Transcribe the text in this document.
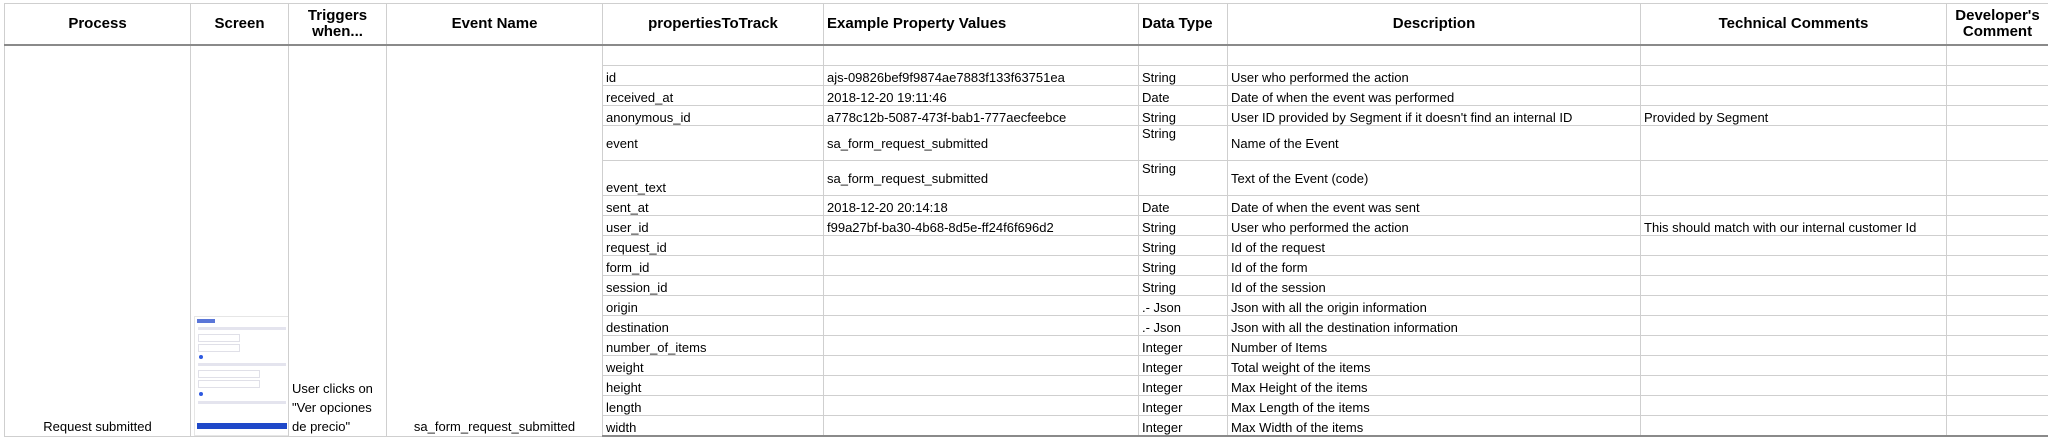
Process	Screen	Triggers when...	Event Name	propertiesToTrack	Example Property Values	Data Type	Description	Technical Comments	Developer's Comment
Request submitted		User clicks on "Ver opciones de precio"	sa_form_request_submitted						
				id	ajs-09826bef9f9874ae7883f133f63751ea	String	User who performed the action		
				received_at	2018-12-20 19:11:46	Date	Date of when the event was performed		
				anonymous_id	a778c12b-5087-473f-bab1-777aecfeebce	String	User ID provided by Segment if it doesn't find an internal ID	Provided by Segment	
				event	sa_form_request_submitted	String	Name of the Event		
				event_text	sa_form_request_submitted	String	Text of the Event (code)		
				sent_at	2018-12-20 20:14:18	Date	Date of when the event was sent		
				user_id	f99a27bf-ba30-4b68-8d5e-ff24f6f696d2	String	User who performed the action	This should match with our internal customer Id	
				request_id		String	Id of the request		
				form_id		String	Id of the form		
				session_id		String	Id of the session		
				origin		.- Json	Json with all the origin information		
				destination		.- Json	Json with all the destination information		
				number_of_items		Integer	Number of Items		
				weight		Integer	Total weight of the items		
				height		Integer	Max Height of the items		
				length		Integer	Max Length of the items		
				width		Integer	Max Width of the items		
